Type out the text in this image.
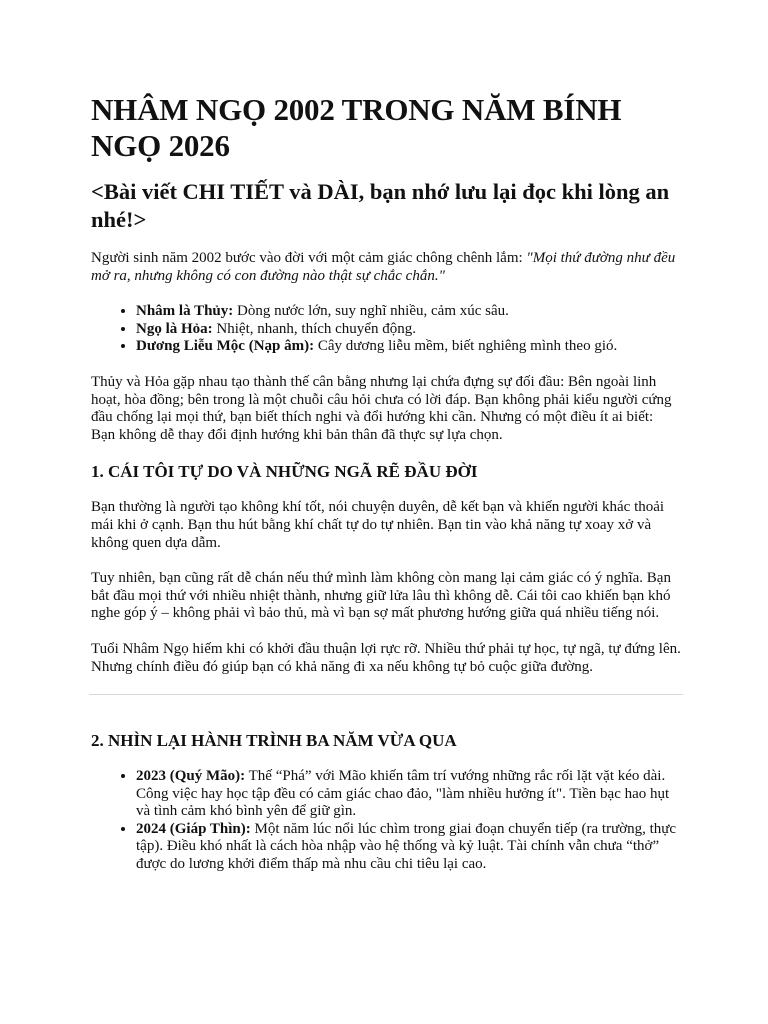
NHÂM NGỌ 2002 TRONG NĂM BÍNH NGỌ 2026
<Bài viết CHI TIẾT và DÀI, bạn nhớ lưu lại đọc khi lòng an nhé!>

Người sinh năm 2002 bước vào đời với một cảm giác chông chênh lắm: "Mọi thứ đường như đều mở ra, nhưng không có con đường nào thật sự chắc chắn."

• Nhâm là Thủy: Dòng nước lớn, suy nghĩ nhiều, cảm xúc sâu.
• Ngọ là Hỏa: Nhiệt, nhanh, thích chuyển động.
• Dương Liễu Mộc (Nạp âm): Cây dương liễu mềm, biết nghiêng mình theo gió.

Thủy và Hỏa gặp nhau tạo thành thế cân bằng nhưng lại chứa đựng sự đối đầu: Bên ngoài linh hoạt, hòa đồng; bên trong là một chuỗi câu hỏi chưa có lời đáp. Bạn không phải kiểu người cứng đầu chống lại mọi thứ, bạn biết thích nghi và đổi hướng khi cần. Nhưng có một điều ít ai biết: Bạn không dễ thay đổi định hướng khi bản thân đã thực sự lựa chọn.

1. CÁI TÔI TỰ DO VÀ NHỮNG NGÃ RẼ ĐẦU ĐỜI

Bạn thường là người tạo không khí tốt, nói chuyện duyên, dễ kết bạn và khiến người khác thoải mái khi ở cạnh. Bạn thu hút bằng khí chất tự do tự nhiên. Bạn tin vào khả năng tự xoay xở và không quen dựa dẫm.

Tuy nhiên, bạn cũng rất dễ chán nếu thứ mình làm không còn mang lại cảm giác có ý nghĩa. Bạn bắt đầu mọi thứ với nhiều nhiệt thành, nhưng giữ lửa lâu thì không dễ. Cái tôi cao khiến bạn khó nghe góp ý – không phải vì bảo thủ, mà vì bạn sợ mất phương hướng giữa quá nhiều tiếng nói.

Tuổi Nhâm Ngọ hiếm khi có khởi đầu thuận lợi rực rỡ. Nhiều thứ phải tự học, tự ngã, tự đứng lên. Nhưng chính điều đó giúp bạn có khả năng đi xa nếu không tự bỏ cuộc giữa đường.

2. NHÌN LẠI HÀNH TRÌNH BA NĂM VỪA QUA
• 2023 (Quý Mão): Thế “Phá” với Mão khiến tâm trí vướng những rắc rối lặt vặt kéo dài. Công việc hay học tập đều có cảm giác chao đảo, "làm nhiều hưởng ít". Tiền bạc hao hụt và tình cảm khó bình yên để giữ gìn.
• 2024 (Giáp Thìn): Một năm lúc nổi lúc chìm trong giai đoạn chuyển tiếp (ra trường, thực tập). Điều khó nhất là cách hòa nhập vào hệ thống và kỷ luật. Tài chính vẫn chưa “thở” được do lương khởi điểm thấp mà nhu cầu chi tiêu lại cao.
